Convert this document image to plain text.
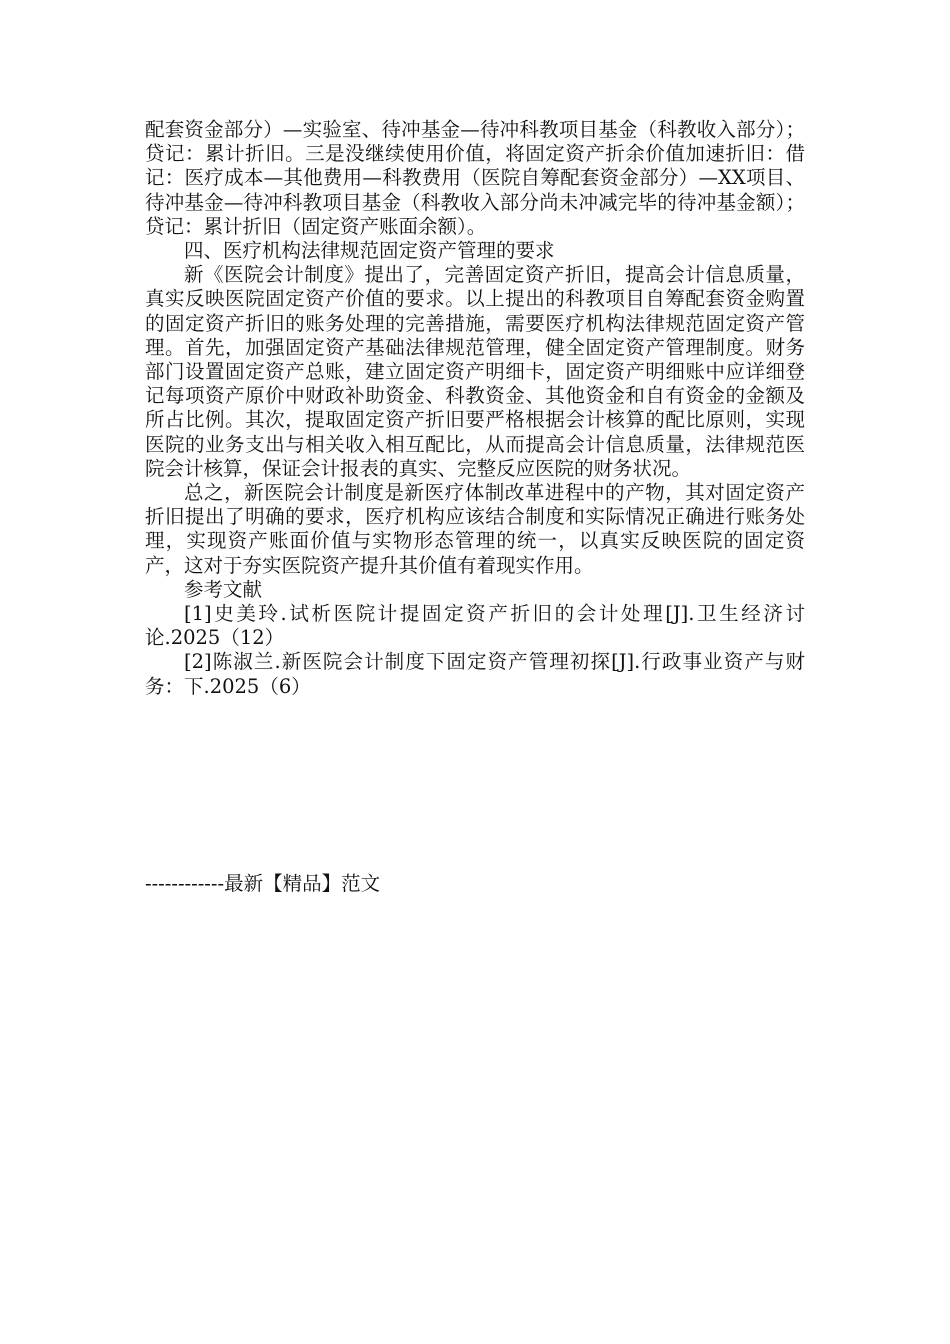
配套资金部分）—实验室、待冲基金—待冲科教项目基金（科教收入部分）；贷记：累计折旧。三是没继续使用价值，将固定资产折余价值加速折旧：借记：医疗成本—其他费用—科教费用（医院自筹配套资金部分）—XX项目、待冲基金—待冲科教项目基金（科教收入部分尚未冲减完毕的待冲基金额）；贷记：累计折旧（固定资产账面余额）。

四、医疗机构法律规范固定资产管理的要求

新《医院会计制度》提出了，完善固定资产折旧，提高会计信息质量，真实反映医院固定资产价值的要求。以上提出的科教项目自筹配套资金购置的固定资产折旧的账务处理的完善措施，需要医疗机构法律规范固定资产管理。首先，加强固定资产基础法律规范管理，健全固定资产管理制度。财务部门设置固定资产总账，建立固定资产明细卡，固定资产明细账中应详细登记每项资产原价中财政补助资金、科教资金、其他资金和自有资金的金额及所占比例。其次，提取固定资产折旧要严格根据会计核算的配比原则，实现医院的业务支出与相关收入相互配比，从而提高会计信息质量，法律规范医院会计核算，保证会计报表的真实、完整反应医院的财务状况。

总之，新医院会计制度是新医疗体制改革进程中的产物，其对固定资产折旧提出了明确的要求，医疗机构应该结合制度和实际情况正确进行账务处理，实现资产账面价值与实物形态管理的统一，以真实反映医院的固定资产，这对于夯实医院资产提升其价值有着现实作用。

参考文献

[1]史美玲.试析医院计提固定资产折旧的会计处理[J].卫生经济讨论.2025（12）

[2]陈淑兰.新医院会计制度下固定资产管理初探[J].行政事业资产与财务：下.2025（6）

------------最新【精品】范文
